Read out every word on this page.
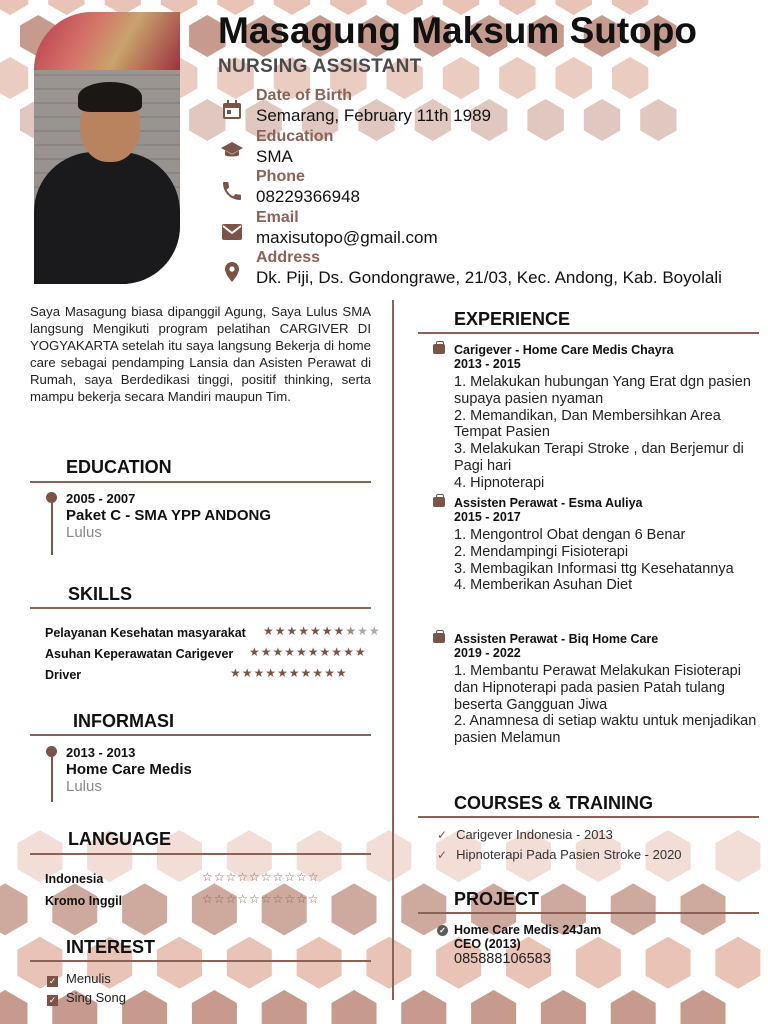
Masagung Maksum Sutopo
NURSING ASSISTANT
Date of Birth
Semarang, February 11th 1989
Education
SMA
Phone
08229366948
Email
maxisutopo@gmail.com
Address
Dk. Piji, Ds. Gondongrawe, 21/03, Kec. Andong, Kab. Boyolali
Saya Masagung biasa dipanggil Agung, Saya Lulus SMA langsung Mengikuti program pelatihan CARGIVER DI YOGYAKARTA setelah itu saya langsung Bekerja di home care sebagai pendamping Lansia dan Asisten Perawat di Rumah, saya Berdedikasi tinggi, positif thinking, serta mampu bekerja secara Mandiri maupun Tim.
EDUCATION
2005 - 2007
Paket C - SMA YPP ANDONG
Lulus
SKILLS
Pelayanan Kesehatan masyarakat ★★★★★★★★★★
Asuhan Keperawatan Carigever ★★★★★★★★★★
Driver	★★★★★★★★★★
INFORMASI
2013 - 2013
Home Care Medis
Lulus
LANGUAGE
Indonesia	☆☆☆☆☆☆☆☆☆☆
Kromo Inggil	☆☆☆☆☆☆☆☆☆☆
INTEREST
✓ Menulis
✓ Sing Song
EXPERIENCE
Carigever - Home Care Medis Chayra
2013 - 2015
1. Melakukan hubungan Yang Erat dgn pasien supaya pasien nyaman
2. Memandikan, Dan Membersihkan Area Tempat Pasien
3. Melakukan Terapi Stroke , dan Berjemur di Pagi hari
4. Hipnoterapi
Assisten Perawat - Esma Auliya
2015 - 2017
1. Mengontrol Obat dengan 6 Benar
2. Mendampingi Fisioterapi
3. Membagikan Informasi ttg Kesehatannya
4. Memberikan Asuhan Diet
Assisten Perawat - Biq Home Care
2019 - 2022
1. Membantu Perawat Melakukan Fisioterapi dan Hipnoterapi pada pasien Patah tulang beserta Gangguan Jiwa
2. Anamnesa di setiap waktu untuk menjadikan pasien Melamun
COURSES & TRAINING
✓ Carigever Indonesia - 2013
✓ Hipnoterapi Pada Pasien Stroke - 2020
PROJECT
✓ Home Care Medis 24Jam
CEO (2013)
085888106583
